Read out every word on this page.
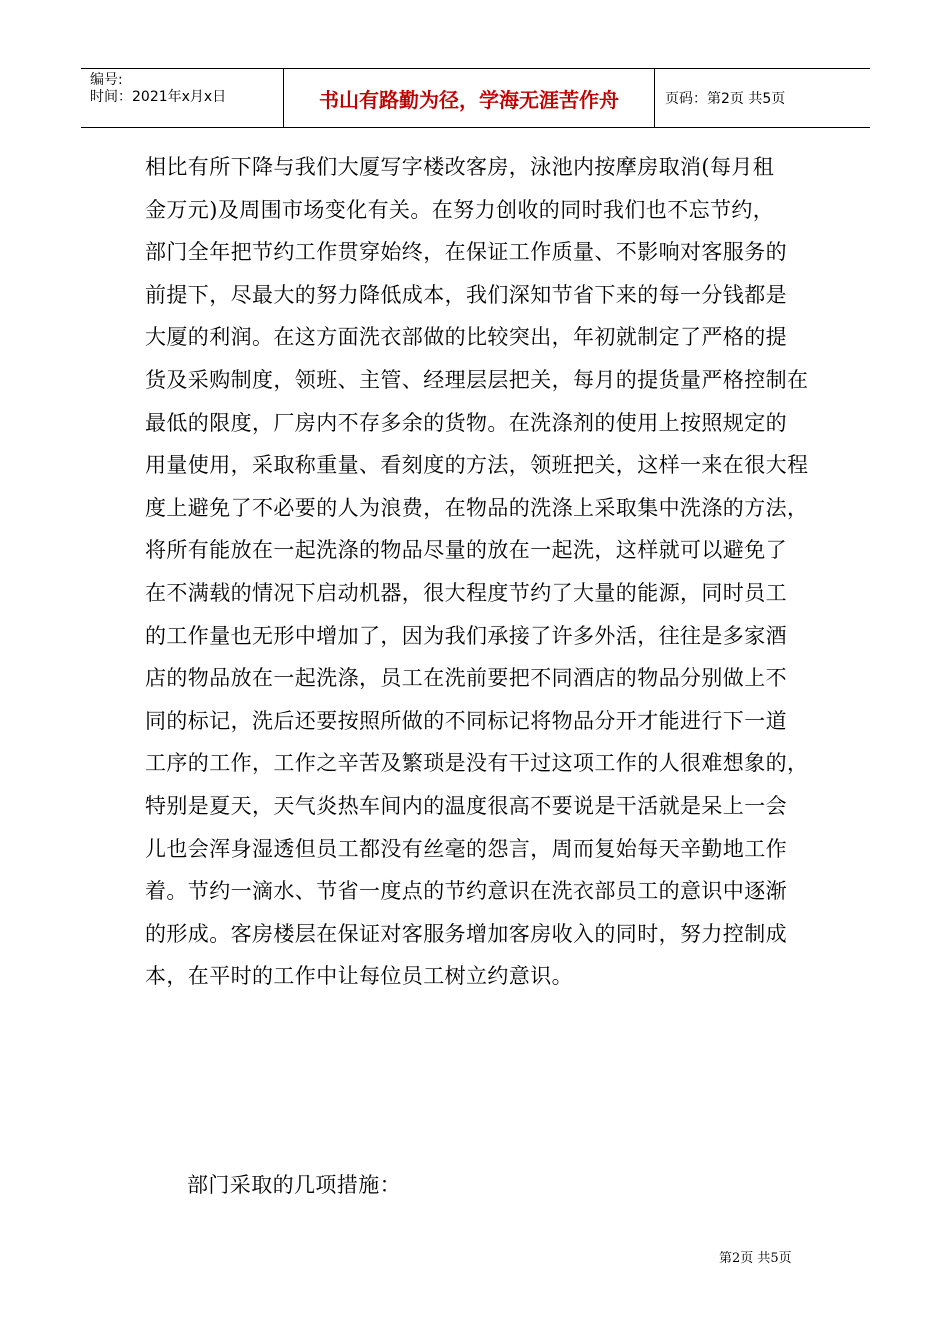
编号:
时间：2021年x月x日	书山有路勤为径，学海无涯苦作舟	页码：第2页 共5页
相比有所下降与我们大厦写字楼改客房，泳池内按摩房取消(每月租
金万元)及周围市场变化有关。在努力创收的同时我们也不忘节约，
部门全年把节约工作贯穿始终，在保证工作质量、不影响对客服务的
前提下，尽最大的努力降低成本，我们深知节省下来的每一分钱都是
大厦的利润。在这方面洗衣部做的比较突出，年初就制定了严格的提
货及采购制度，领班、主管、经理层层把关，每月的提货量严格控制在
最低的限度，厂房内不存多余的货物。在洗涤剂的使用上按照规定的
用量使用，采取称重量、看刻度的方法，领班把关，这样一来在很大程
度上避免了不必要的人为浪费，在物品的洗涤上采取集中洗涤的方法，
将所有能放在一起洗涤的物品尽量的放在一起洗，这样就可以避免了
在不满载的情况下启动机器，很大程度节约了大量的能源，同时员工
的工作量也无形中增加了，因为我们承接了许多外活，往往是多家酒
店的物品放在一起洗涤，员工在洗前要把不同酒店的物品分别做上不
同的标记，洗后还要按照所做的不同标记将物品分开才能进行下一道
工序的工作，工作之辛苦及繁琐是没有干过这项工作的人很难想象的，
特别是夏天，天气炎热车间内的温度很高不要说是干活就是呆上一会
儿也会浑身湿透但员工都没有丝毫的怨言，周而复始每天辛勤地工作
着。节约一滴水、节省一度点的节约意识在洗衣部员工的意识中逐渐
的形成。客房楼层在保证对客服务增加客房收入的同时，努力控制成
本，在平时的工作中让每位员工树立约意识。
部门采取的几项措施：
第2页 共5页
